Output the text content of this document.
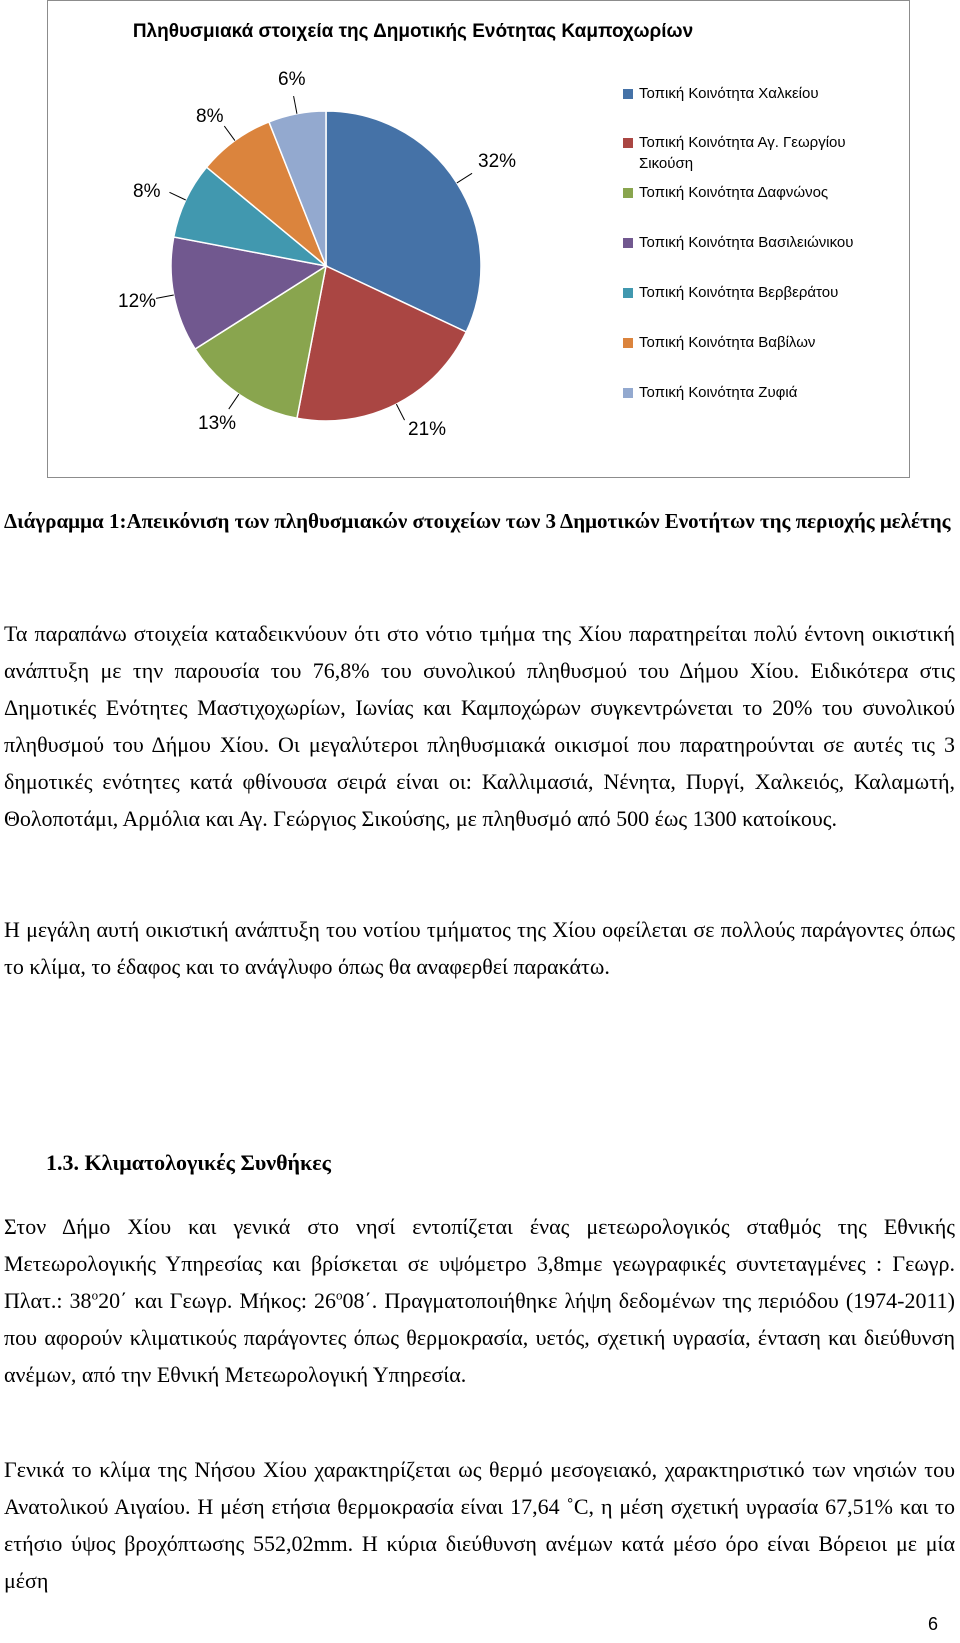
Πληθυσμιακά στοιχεία της Δημοτικής Ενότητας Καμποχωρίων
Τοπική Κοινότητα Χαλκείου
Τοπική Κοινότητα Αγ. Γεωργίου Σικούση
Τοπική Κοινότητα Δαφνώνος
Τοπική Κοινότητα Βασιλειώνικου
Τοπική Κοινότητα Βερβεράτου
Τοπική Κοινότητα Βαβίλων
Τοπική Κοινότητα Ζυφιά
32%
21%
13%
12%
8%
8%
6%
Διάγραμμα 1:Απεικόνιση των πληθυσμιακών στοιχείων των 3 Δημοτικών Ενοτήτων της περιοχής μελέτης

Τα παραπάνω στοιχεία καταδεικνύουν ότι στο νότιο τμήμα της Χίου παρατηρείται πολύ έντονη οικιστική ανάπτυξη με την παρουσία του 76,8% του συνολικού πληθυσμού του Δήμου Χίου. Ειδικότερα στις Δημοτικές Ενότητες Μαστιχοχωρίων, Ιωνίας και Καμποχώρων συγκεντρώνεται το 20% του συνολικού πληθυσμού του Δήμου Χίου. Οι μεγαλύτεροι πληθυσμιακά οικισμοί που παρατηρούνται σε αυτές τις 3 δημοτικές ενότητες κατά φθίνουσα σειρά είναι οι: Καλλιμασιά, Νένητα, Πυργί, Χαλκειός, Καλαμωτή, Θολοποτάμι, Αρμόλια και Αγ. Γεώργιος Σικούσης, με πληθυσμό από 500 έως 1300 κατοίκους.

Η μεγάλη αυτή οικιστική ανάπτυξη του νοτίου τμήματος της Χίου οφείλεται σε πολλούς παράγοντες όπως το κλίμα, το έδαφος και το ανάγλυφο όπως θα αναφερθεί παρακάτω.

1.3. Κλιματολογικές Συνθήκες

Στον Δήμο Χίου και γενικά στο νησί εντοπίζεται ένας μετεωρολογικός σταθμός της Εθνικής Μετεωρολογικής Υπηρεσίας και βρίσκεται σε υψόμετρο 3,8mμε γεωγραφικές συντεταγμένες : Γεωγρ. Πλατ.: 38$^o$20΄ και Γεωγρ. Μήκος: 26$^o$08΄. Πραγματοποιήθηκε λήψη δεδομένων της περιόδου (1974-2011) που αφορούν κλιματικούς παράγοντες όπως θερμοκρασία, υετός, σχετική υγρασία, ένταση και διεύθυνση ανέμων, από την Εθνική Μετεωρολογική Υπηρεσία.

Γενικά το κλίμα της Νήσου Χίου χαρακτηρίζεται ως θερμό μεσογειακό, χαρακτηριστικό των νησιών του Ανατολικού Αιγαίου. Η μέση ετήσια θερμοκρασία είναι 17,64 ˚C, η μέση σχετική υγρασία 67,51% και το ετήσιο ύψος βροχόπτωσης 552,02mm. Η κύρια διεύθυνση ανέμων κατά μέσο όρο είναι Βόρειοι με μία μέση

6
